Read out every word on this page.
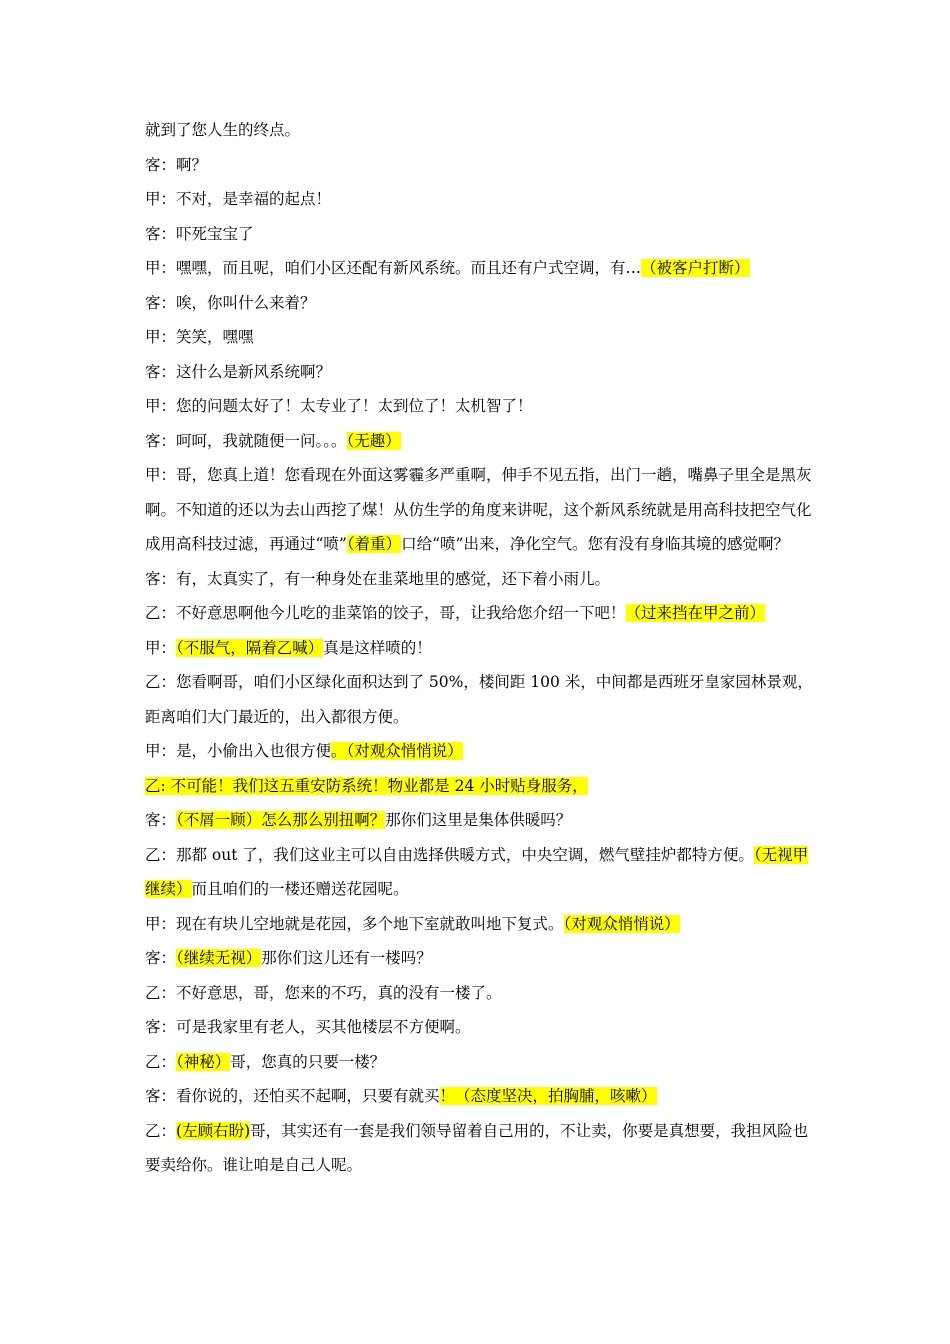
就到了您人生的终点。

客：啊？

甲：不对，是幸福的起点！

客：吓死宝宝了

甲：嘿嘿，而且呢，咱们小区还配有新风系统。而且还有户式空调，有…（被客户打断）

客：唉，你叫什么来着？

甲：笑笑，嘿嘿

客：这什么是新风系统啊？

甲：您的问题太好了！太专业了！太到位了！太机智了！

客：呵呵，我就随便一问。。。（无趣）

甲：哥，您真上道！您看现在外面这雾霾多严重啊，伸手不见五指，出门一趟，嘴鼻子里全是黑灰啊。不知道的还以为去山西挖了煤！从仿生学的角度来讲呢，这个新风系统就是用高科技把空气化成用高科技过滤，再通过“喷”（着重）口给“喷”出来，净化空气。您有没有身临其境的感觉啊？

客：有，太真实了，有一种身处在韭菜地里的感觉，还下着小雨儿。

乙：不好意思啊他今儿吃的韭菜馅的饺子，哥，让我给您介绍一下吧！（过来挡在甲之前）

甲：（不服气，隔着乙喊）真是这样喷的！

乙：您看啊哥，咱们小区绿化面积达到了 50%，楼间距 100 米，中间都是西班牙皇家园林景观，距离咱们大门最近的，出入都很方便。

甲：是，小偷出入也很方便。（对观众悄悄说）

乙: 不可能！我们这五重安防系统！物业都是 24 小时贴身服务，

客：（不屑一顾）怎么那么别扭啊？那你们这里是集体供暖吗？

乙：那都 out 了，我们这业主可以自由选择供暖方式，中央空调，燃气壁挂炉都特方便。（无视甲继续）而且咱们的一楼还赠送花园呢。

甲：现在有块儿空地就是花园，多个地下室就敢叫地下复式。（对观众悄悄说）

客：（继续无视）那你们这儿还有一楼吗？

乙：不好意思，哥，您来的不巧，真的没有一楼了。

客：可是我家里有老人，买其他楼层不方便啊。

乙：（神秘）哥，您真的只要一楼？

客：看你说的，还怕买不起啊，只要有就买！（态度坚决，拍胸脯，咳嗽）

乙：(左顾右盼)哥，其实还有一套是我们领导留着自己用的，不让卖，你要是真想要，我担风险也要卖给你。谁让咱是自己人呢。
